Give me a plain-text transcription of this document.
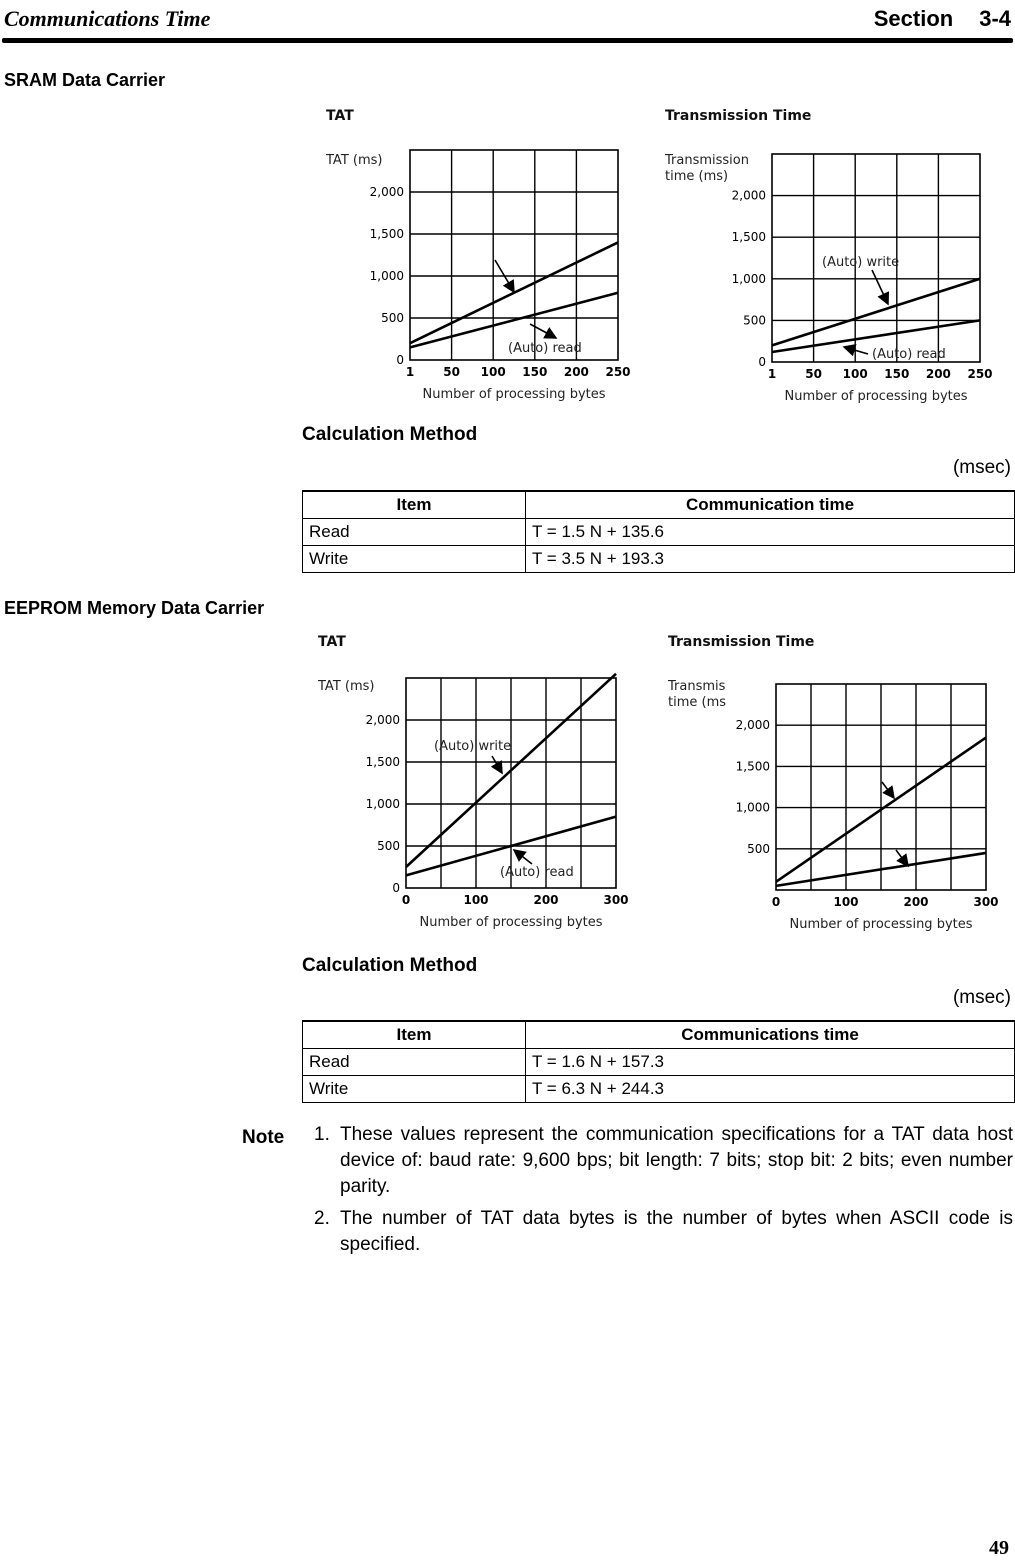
Communications Time	Section 3-4
SRAM Data Carrier
TAT
TAT (ms)
0
500
1,000
1,500
2,000
1 50 100 150 200 250
Number of processing bytes
(Auto) read
Transmission Time
Transmission
time (ms)
0
500
1,000
1,500
2,000
1 50 100 150 200 250
Number of processing bytes
(Auto) write
(Auto) read
Calculation Method
(msec)
Item	Communication time
Read	T = 1.5 N + 135.6
Write	T = 3.5 N + 193.3
EEPROM Memory Data Carrier
TAT
TAT (ms)
0
500
1,000
1,500
2,000
0	100	200	300
Number of processing bytes
(Auto) write
(Auto) read
Transmission Time
Transmis
time (ms
500
1,000
1,500
2,000
0	100	200	300
Number of processing bytes
Calculation Method
(msec)
Item	Communications time
Read	T = 1.6 N + 157.3
Write	T = 6.3 N + 244.3
Note 1. These values represent the communication specifications for a TAT data host device of: baud rate: 9,600 bps; bit length: 7 bits; stop bit: 2 bits; even number parity.
2. The number of TAT data bytes is the number of bytes when ASCII code is specified.
49
